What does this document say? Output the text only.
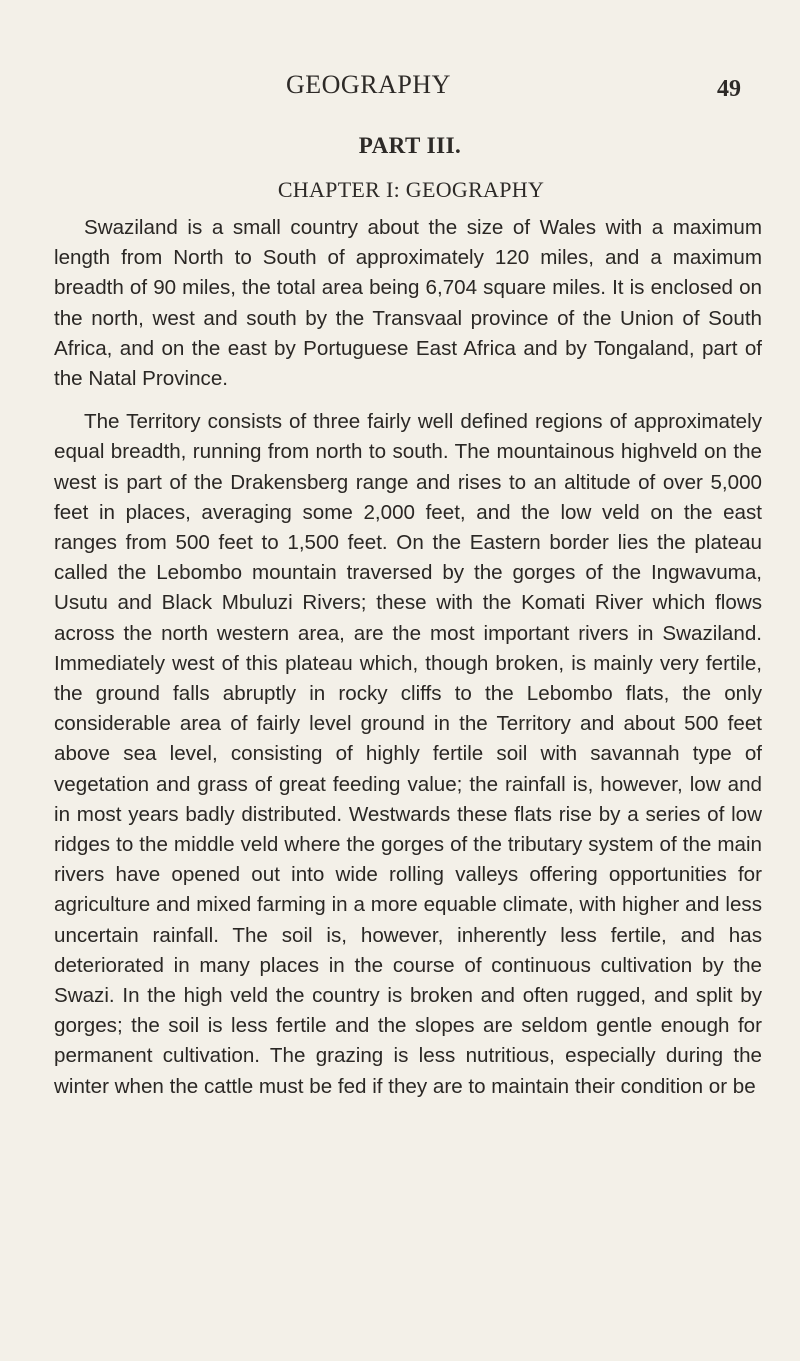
GEOGRAPHY	49
PART III.
CHAPTER I: GEOGRAPHY

Swaziland is a small country about the size of Wales with a maximum length from North to South of approximately 120 miles, and a maximum breadth of 90 miles, the total area being 6,704 square miles. It is enclosed on the north, west and south by the Transvaal province of the Union of South Africa, and on the east by Portuguese East Africa and by Tongaland, part of the Natal Province.

The Territory consists of three fairly well defined regions of approximately equal breadth, running from north to south. The mountainous highveld on the west is part of the Drakensberg range and rises to an altitude of over 5,000 feet in places, averaging some 2,000 feet, and the low veld on the east ranges from 500 feet to 1,500 feet. On the Eastern border lies the plateau called the Lebombo mountain traversed by the gorges of the Ingwavuma, Usutu and Black Mbuluzi Rivers; these with the Komati River which flows across the north western area, are the most important rivers in Swaziland. Immediately west of this plateau which, though broken, is mainly very fertile, the ground falls abruptly in rocky cliffs to the Lebombo flats, the only considerable area of fairly level ground in the Territory and about 500 feet above sea level, consisting of highly fertile soil with savannah type of vegetation and grass of great feeding value; the rainfall is, however, low and in most years badly distributed. Westwards these flats rise by a series of low ridges to the middle veld where the gorges of the tributary system of the main rivers have opened out into wide rolling valleys offering opportunities for agriculture and mixed farming in a more equable climate, with higher and less uncertain rainfall. The soil is, however, inherently less fertile, and has deteriorated in many places in the course of continuous cultivation by the Swazi. In the high veld the country is broken and often rugged, and split by gorges; the soil is less fertile and the slopes are seldom gentle enough for permanent cultivation. The grazing is less nutritious, especially during the winter when the cattle must be fed if they are to maintain their condition or be
